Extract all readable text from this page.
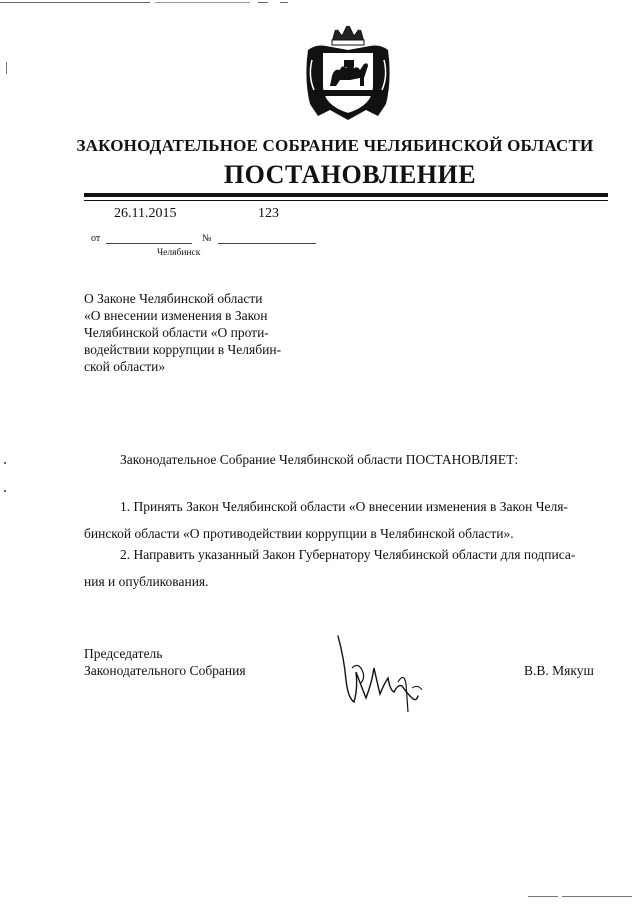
ЗАКОНОДАТЕЛЬНОЕ СОБРАНИЕ ЧЕЛЯБИНСКОЙ ОБЛАСТИ
ПОСТАНОВЛЕНИЕ
26.11.2015	123
от	№
Челябинск
О Законе Челябинской области
«О внесении изменения в Закон
Челябинской области «О проти-
водействии коррупции в Челябин-
ской области»
Законодательное Собрание Челябинской области ПОСТАНОВЛЯЕТ:
1. Принять Закон Челябинской области «О внесении изменения в Закон Челя-
бинской области «О противодействии коррупции в Челябинской области».
2. Направить указанный Закон Губернатору Челябинской области для подписа-
ния и опубликования.
Председатель
Законодательного Собрания	В.В. Мякуш
